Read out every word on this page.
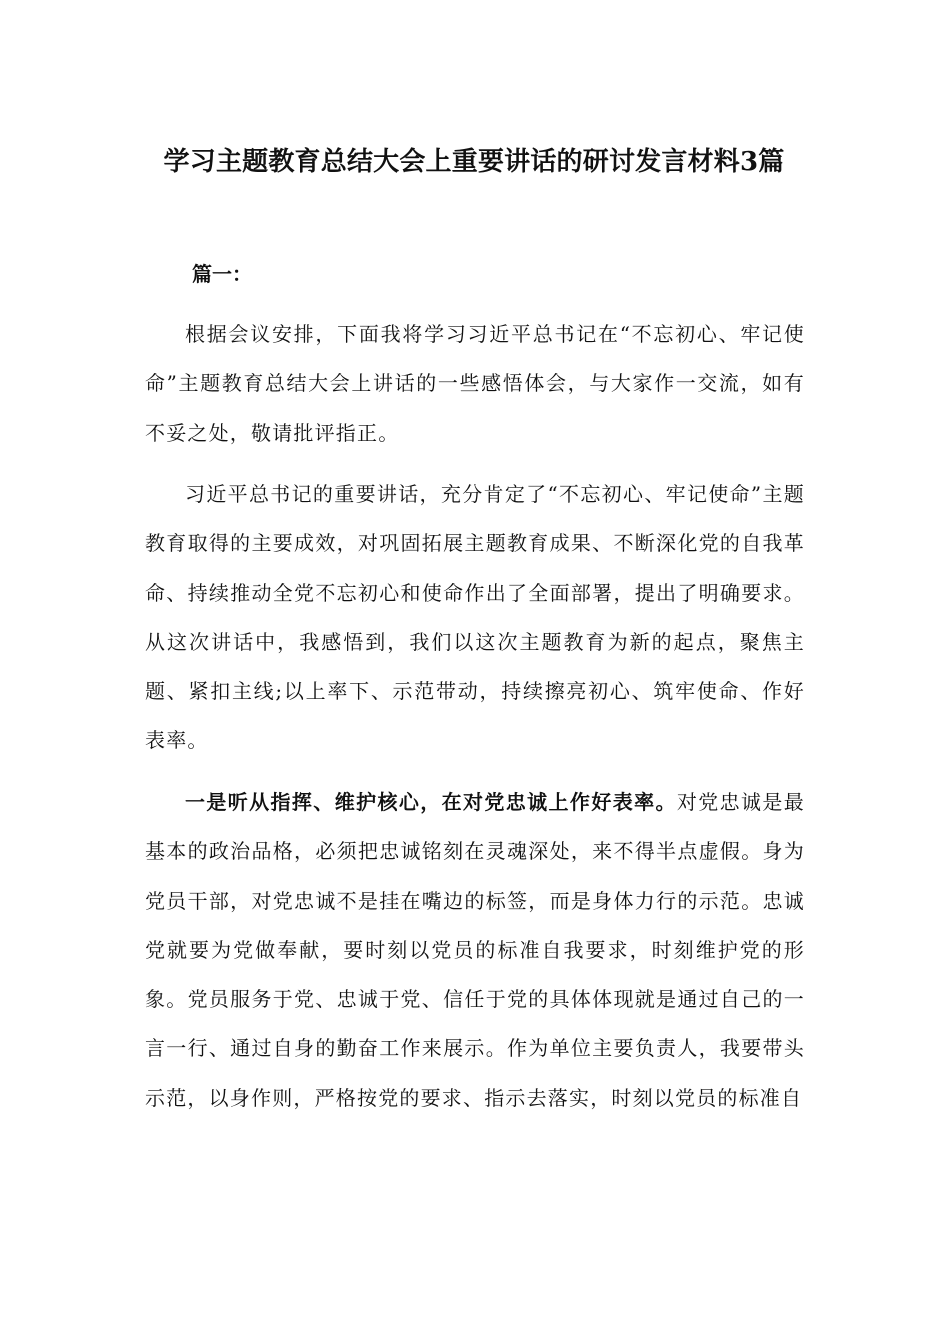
学习主题教育总结大会上重要讲话的研讨发言材料3篇
篇一：

根据会议安排，下面我将学习习近平总书记在“不忘初心、牢记使命”主题教育总结大会上讲话的一些感悟体会，与大家作一交流，如有不妥之处，敬请批评指正。

习近平总书记的重要讲话，充分肯定了“不忘初心、牢记使命”主题教育取得的主要成效，对巩固拓展主题教育成果、不断深化党的自我革命、持续推动全党不忘初心和使命作出了全面部署，提出了明确要求。从这次讲话中，我感悟到，我们以这次主题教育为新的起点，聚焦主题、紧扣主线;以上率下、示范带动，持续擦亮初心、筑牢使命、作好表率。

一是听从指挥、维护核心，在对党忠诚上作好表率。对党忠诚是最基本的政治品格，必须把忠诚铭刻在灵魂深处，来不得半点虚假。身为党员干部，对党忠诚不是挂在嘴边的标签，而是身体力行的示范。忠诚党就要为党做奉献，要时刻以党员的标准自我要求，时刻维护党的形象。党员服务于党、忠诚于党、信任于党的具体体现就是通过自己的一言一行、通过自身的勤奋工作来展示。作为单位主要负责人，我要带头示范，以身作则，严格按党的要求、指示去落实，时刻以党员的标准自
